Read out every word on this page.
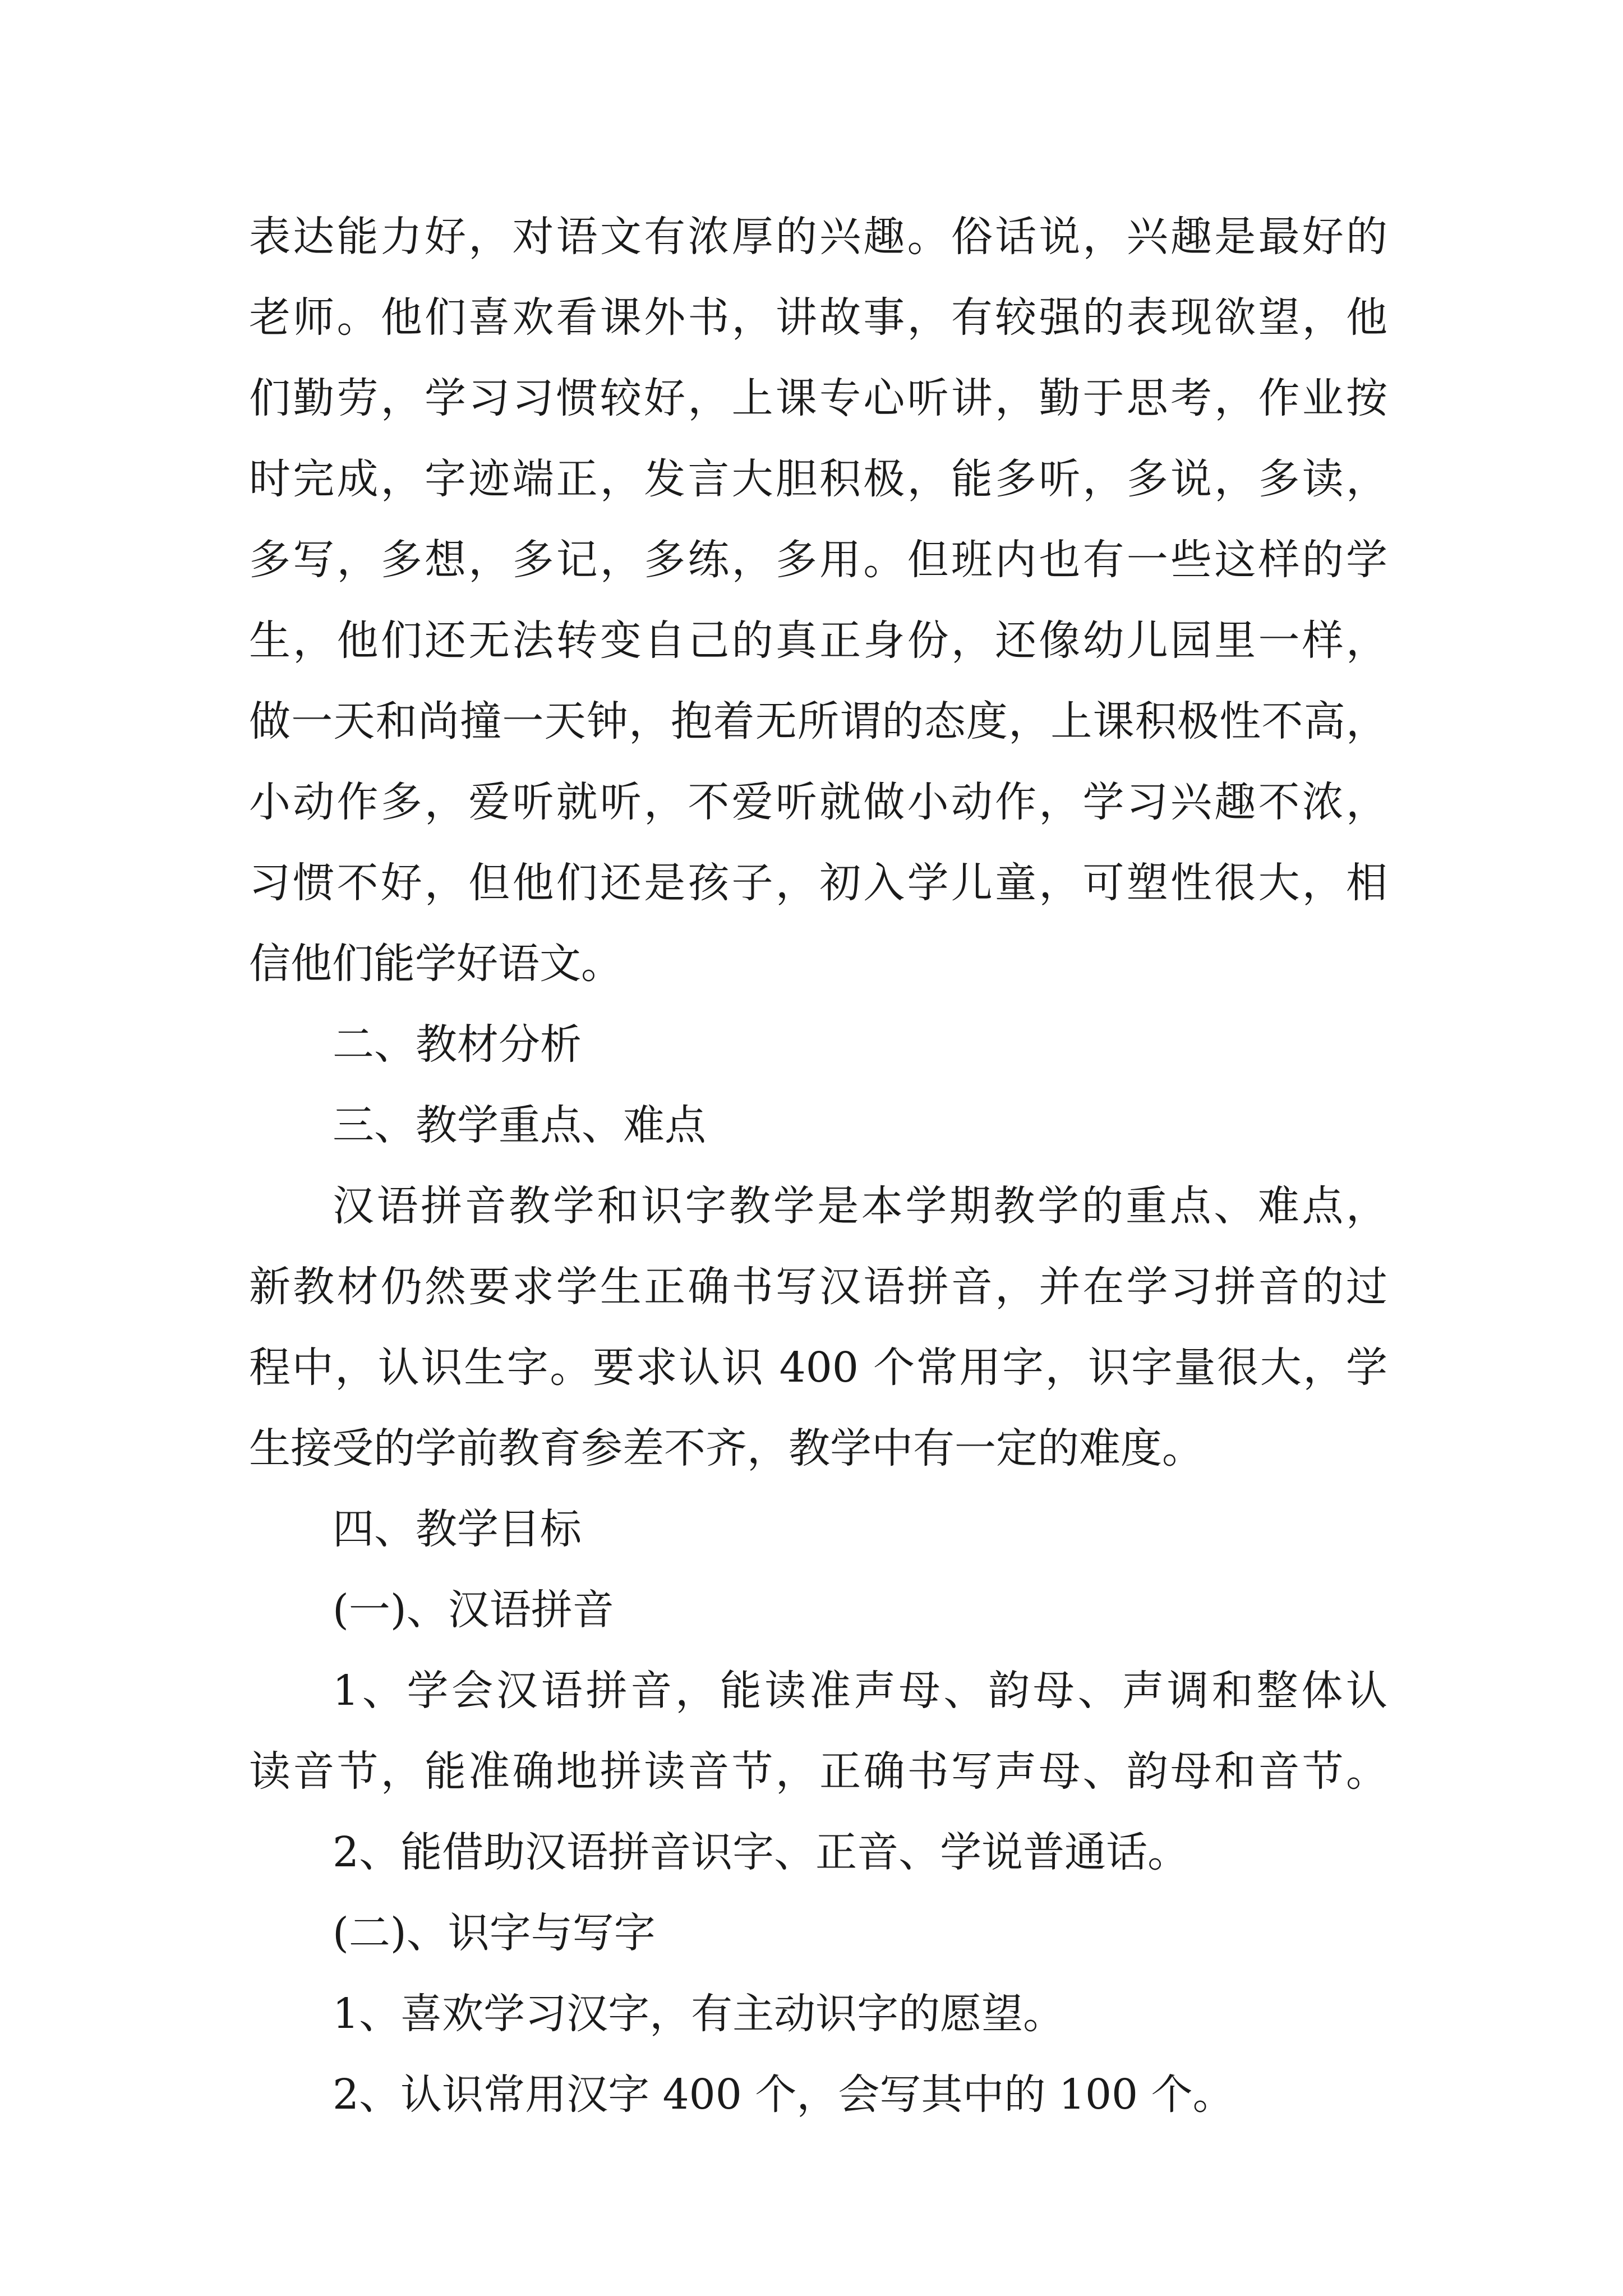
表达能力好，对语文有浓厚的兴趣。俗话说，兴趣是最好的
老师。他们喜欢看课外书，讲故事，有较强的表现欲望，他
们勤劳，学习习惯较好，上课专心听讲，勤于思考，作业按
时完成，字迹端正，发言大胆积极，能多听，多说，多读，
多写，多想，多记，多练，多用。但班内也有一些这样的学
生，他们还无法转变自己的真正身份，还像幼儿园里一样，
做一天和尚撞一天钟，抱着无所谓的态度，上课积极性不高，
小动作多，爱听就听，不爱听就做小动作，学习兴趣不浓，
习惯不好，但他们还是孩子，初入学儿童，可塑性很大，相
信他们能学好语文。
二、教材分析
三、教学重点、难点
汉语拼音教学和识字教学是本学期教学的重点、难点，
新教材仍然要求学生正确书写汉语拼音，并在学习拼音的过
程中，认识生字。要求认识 400 个常用字，识字量很大，学
生接受的学前教育参差不齐，教学中有一定的难度。
四、教学目标
(一)、汉语拼音
1、学会汉语拼音，能读准声母、韵母、声调和整体认
读音节，能准确地拼读音节，正确书写声母、韵母和音节。
2、能借助汉语拼音识字、正音、学说普通话。
(二)、识字与写字
1、喜欢学习汉字，有主动识字的愿望。
2、认识常用汉字 400 个，会写其中的 100 个。
